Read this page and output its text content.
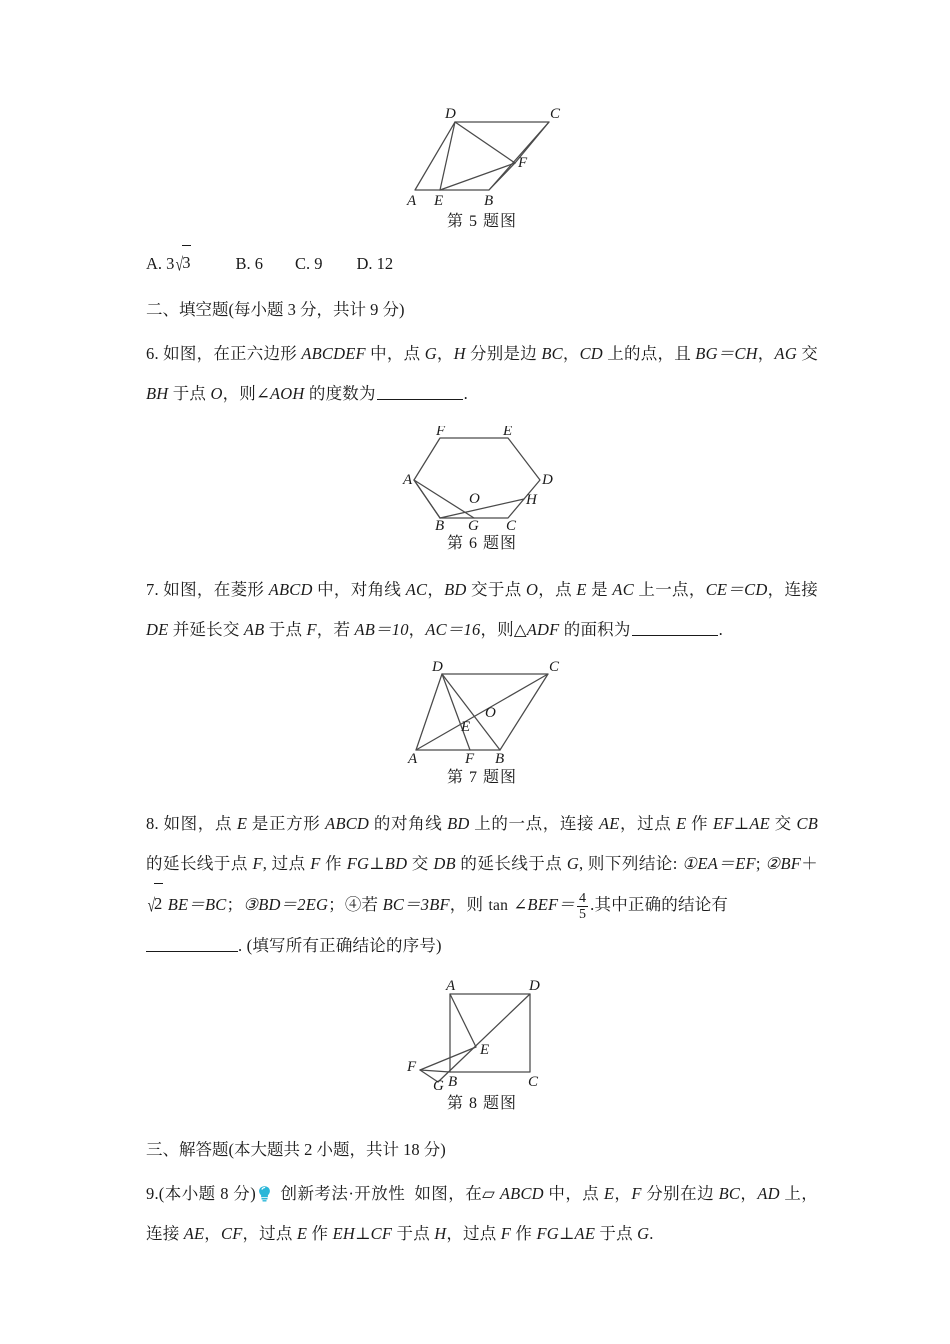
A	B
C
D
E
F
第 5 题图

A. 3 √3	B. 6 C. 9 D. 12

二、填空题(每小题 3 分，共计 9 分)

6. 如图，在正六边形 ABCDEF 中，点 G，H 分别是边 BC，CD 上的点，且 BG＝CH，AG 交 BH 于点 O，则∠AOH 的度数为	.

F	E
D
C
B
A
G
H
O
第 6 题图

7. 如图，在菱形 ABCD 中，对角线 AC，BD 交于点 O，点 E 是 AC 上一点，CE＝CD，连接 DE 并延长交 AB 于点 F，若 AB＝10，AC＝16，则△ADF 的面积为	.

A	B
C
D
E
F
O
第 7 题图

8. 如图，点 E 是正方形 ABCD 的对角线 BD 上的一点，连接 AE，过点 E 作 EF⊥AE 交 CB 的延长线于点 F, 过点 F 作 FG⊥BD 交 DB 的延长线于点 G, 则下列结论: ①EA＝EF; ②BF＋√2 BE＝BC；③BD＝2EG；④若 BC＝3BF，则 tan ∠BEF＝ $\frac{4}{5}$ .其中正确的结论有
. (填写所有正确结论的序号)

A	D
C
B
E
F
G
第 8 题图

三、解答题(本大题共 2 小题，共计 18 分)

9.(本小题 8 分) 创新考法·开放性 如图，在▱ ABCD 中，点 E，F 分别在边 BC，AD 上，连接 AE，CF，过点 E 作 EH⊥CF 于点 H，过点 F 作 FG⊥AE 于点 G.
